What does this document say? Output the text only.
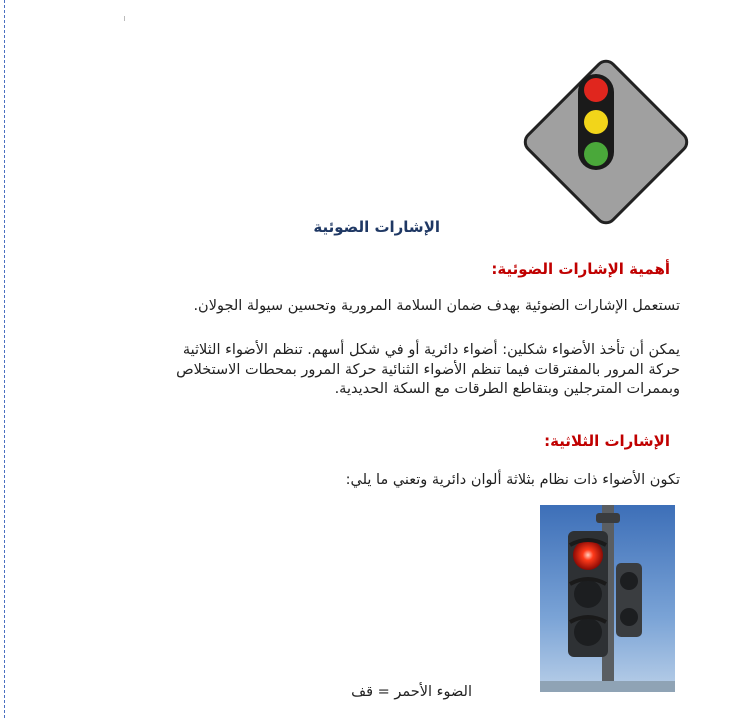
الإشارات الضوئية
أهمية الإشارات الضوئية:
تستعمل الإشارات الضوئية بهدف ضمان السلامة المرورية وتحسين سيولة الجولان.
يمكن أن تأخذ الأضواء شكلين: أضواء دائرية أو في شكل أسهم. تنظم الأضواء الثلاثية
حركة المرور بالمفترقات فيما تنظم الأضواء الثنائية حركة المرور بمحطات الاستخلاص
وبممرات المترجلين وبتقاطع الطرقات مع السكة الحديدية.
الإشارات الثلاثية:
تكون الأضواء ذات نظام بثلاثة ألوان دائرية وتعني ما يلي:
الضوء الأحمر = قف
